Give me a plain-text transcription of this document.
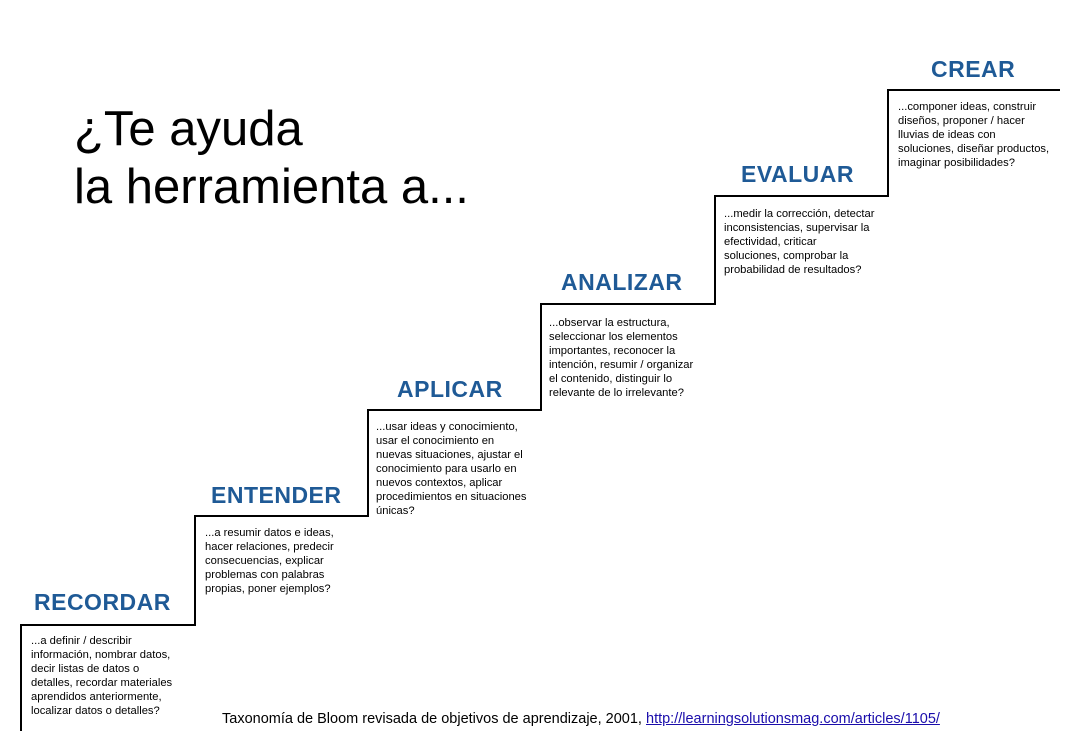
¿Te ayuda
la herramienta a...
RECORDAR
...a definir / describir
información, nombrar datos,
decir listas de datos o
detalles, recordar materiales
aprendidos anteriormente,
localizar datos o detalles?
ENTENDER
...a resumir datos e ideas,
hacer relaciones, predecir
consecuencias, explicar
problemas con palabras
propias, poner ejemplos?
APLICAR
...usar ideas y conocimiento,
usar el conocimiento en
nuevas situaciones, ajustar el
conocimiento para usarlo en
nuevos contextos, aplicar
procedimientos en situaciones
únicas?
ANALIZAR
...observar la estructura,
seleccionar los elementos
importantes, reconocer la
intención, resumir / organizar
el contenido, distinguir lo
relevante de lo irrelevante?
EVALUAR
...medir la corrección, detectar
inconsistencias, supervisar la
efectividad, criticar
soluciones, comprobar la
probabilidad de resultados?
CREAR
...componer ideas, construir
diseños, proponer / hacer
lluvias de ideas con
soluciones, diseñar productos,
imaginar posibilidades?
Taxonomía de Bloom revisada de objetivos de aprendizaje, 2001, http://learningsolutionsmag.com/articles/1105/
